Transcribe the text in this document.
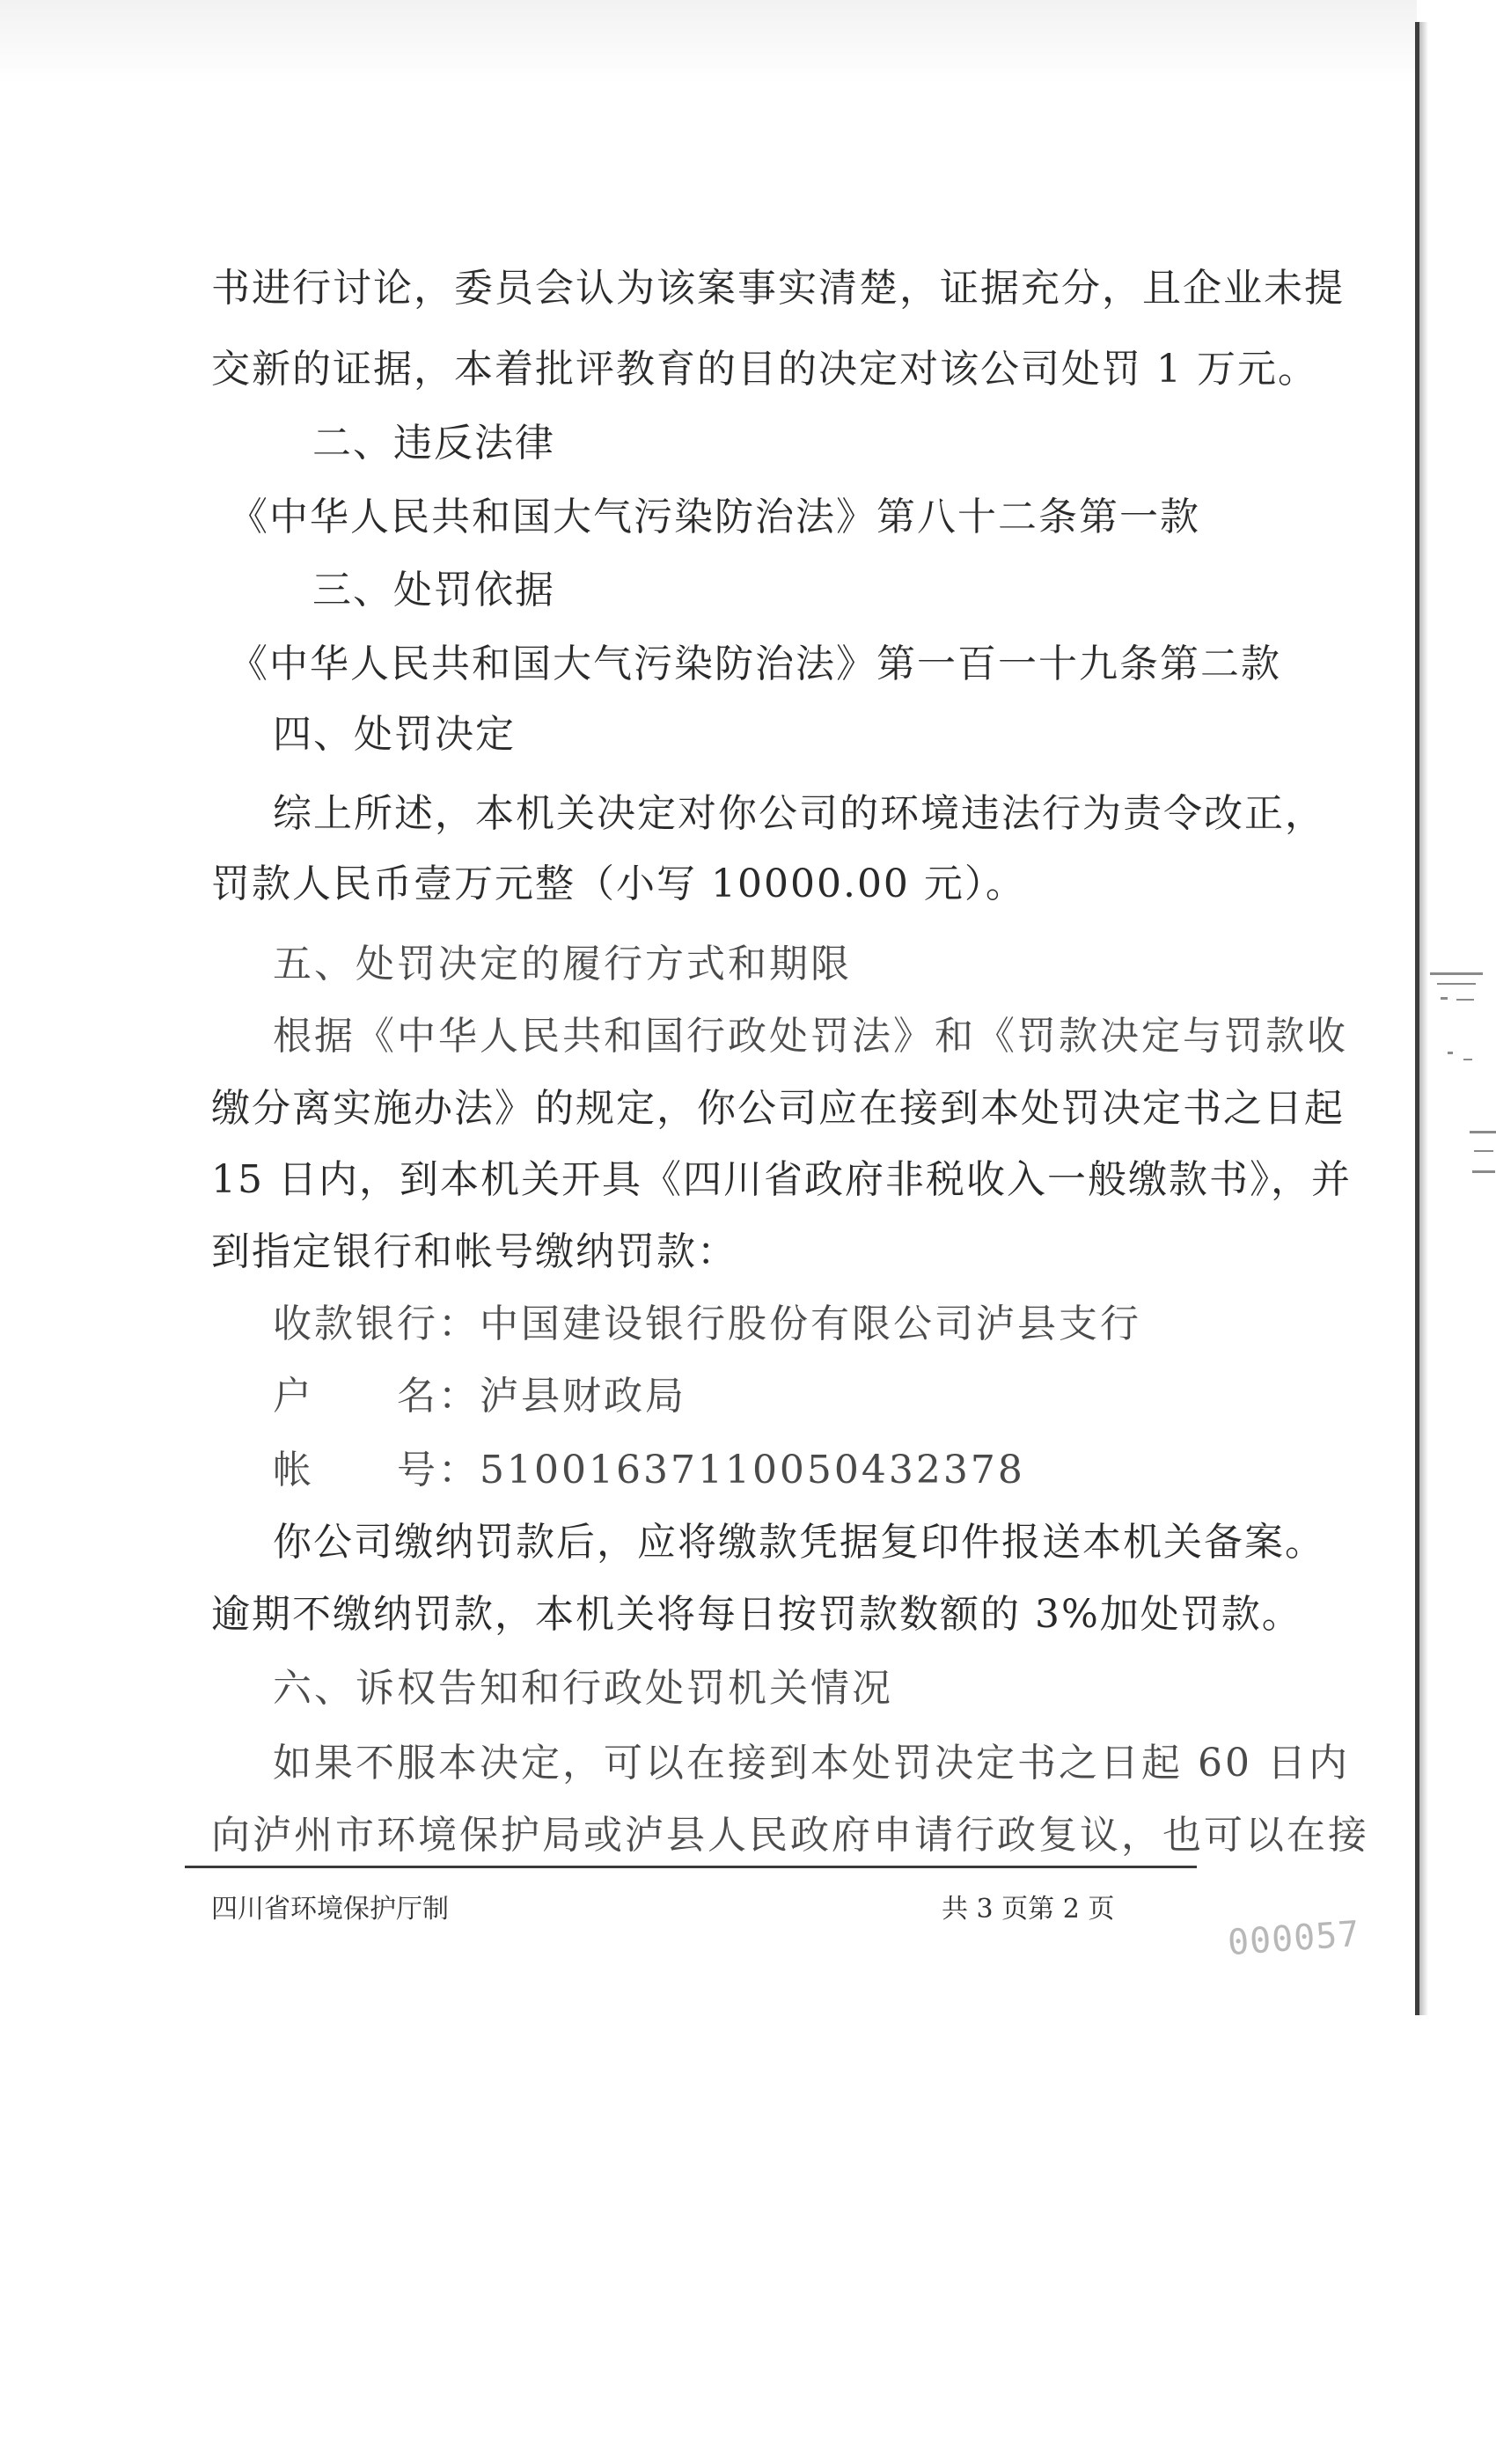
书进行讨论，委员会认为该案事实清楚，证据充分，且企业未提
交新的证据，本着批评教育的目的决定对该公司处罚 1 万元。
二、违反法律
《中华人民共和国大气污染防治法》第八十二条第一款
三、处罚依据
《中华人民共和国大气污染防治法》第一百一十九条第二款
四、处罚决定
综上所述，本机关决定对你公司的环境违法行为责令改正，
罚款人民币壹万元整（小写 10000.00 元）。
五、处罚决定的履行方式和期限
根据《中华人民共和国行政处罚法》和《罚款决定与罚款收
缴分离实施办法》的规定，你公司应在接到本处罚决定书之日起
15 日内，到本机关开具《四川省政府非税收入一般缴款书》，并
到指定银行和帐号缴纳罚款：
收款银行：中国建设银行股份有限公司泸县支行
户　　名：泸县财政局
帐　　号：51001637110050432378
你公司缴纳罚款后，应将缴款凭据复印件报送本机关备案。
逾期不缴纳罚款，本机关将每日按罚款数额的 3%加处罚款。
六、诉权告知和行政处罚机关情况
如果不服本决定，可以在接到本处罚决定书之日起 60 日内
向泸州市环境保护局或泸县人民政府申请行政复议，也可以在接
四川省环境保护厅制	共 3 页第 2 页
000057
